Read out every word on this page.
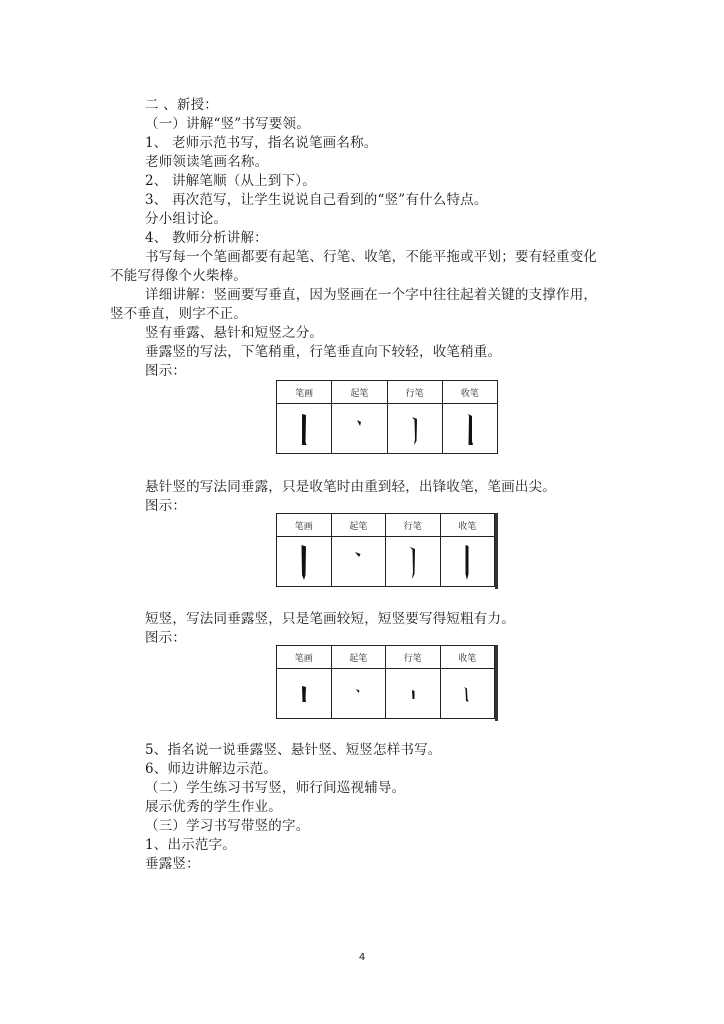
二 、新授：
（一）讲解“竖”书写要领。
1、 老师示范书写，指名说笔画名称。
老师领读笔画名称。
2、 讲解笔顺（从上到下）。
3、 再次范写，让学生说说自己看到的“竖”有什么特点。
分小组讨论。
4、 教师分析讲解：
书写每一个笔画都要有起笔、行笔、收笔，不能平拖或平划；要有轻重变化
不能写得像个火柴棒。
详细讲解：竖画要写垂直，因为竖画在一个字中往往起着关键的支撑作用，
竖不垂直，则字不正。
竖有垂露、悬针和短竖之分。
垂露竖的写法，下笔稍重，行笔垂直向下较轻，收笔稍重。
图示：
笔画	起笔	行笔	收笔

悬针竖的写法同垂露，只是收笔时由重到轻，出锋收笔，笔画出尖。
图示：
笔画	起笔	行笔	收笔

短竖，写法同垂露竖，只是笔画较短，短竖要写得短粗有力。
图示：
笔画	起笔	行笔	收笔

5、指名说一说垂露竖、悬针竖、短竖怎样书写。
6、师边讲解边示范。
（二）学生练习书写竖，师行间巡视辅导。
展示优秀的学生作业。
（三）学习书写带竖的字。
1、出示范字。
垂露竖：
4
